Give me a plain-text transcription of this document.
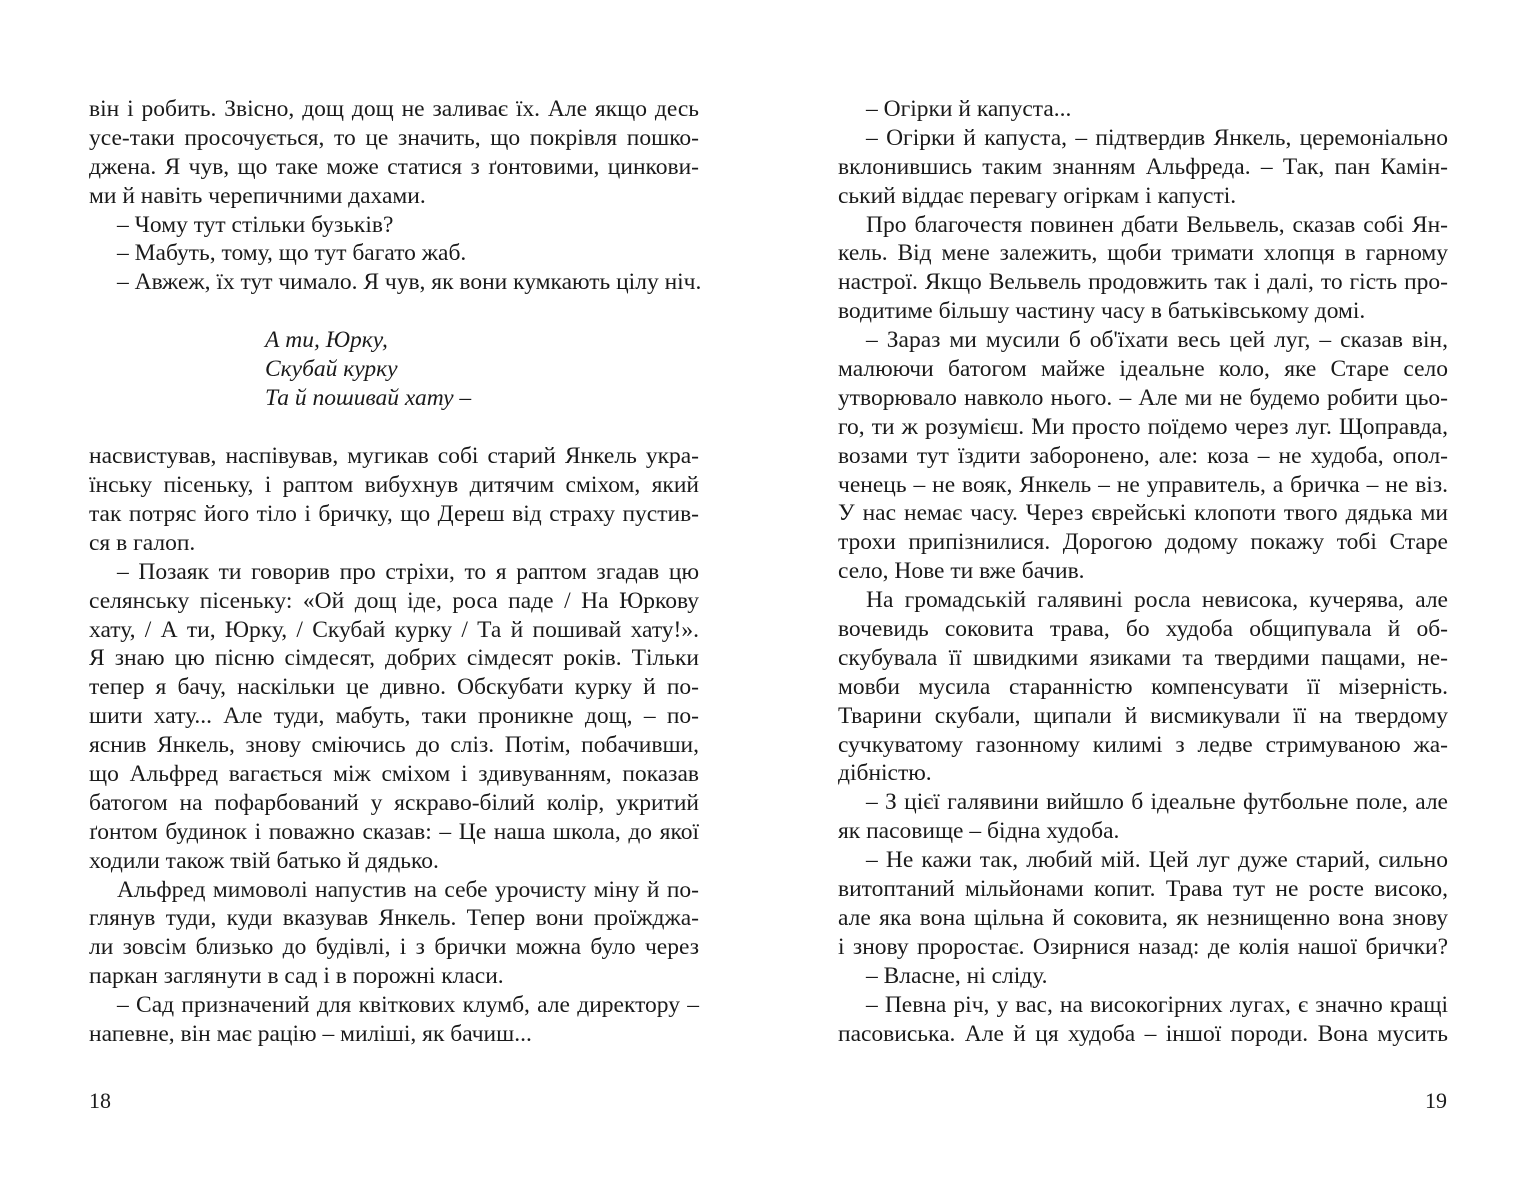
він і робить. Звісно, дощ дощ не заливає їх. Але якщо десь
усе-таки просочується, то це значить, що покрівля пошко-
джена. Я чув, що таке може статися з ґонтовими, цинкови-
ми й навіть черепичними дахами.
– Чому тут стільки бузьків?
– Мабуть, тому, що тут багато жаб.
– Авжеж, їх тут чимало. Я чув, як вони кумкають цілу ніч.
А ти, Юрку,
Скубай курку
Та й пошивай хату –
насвистував, наспівував, мугикав собі старий Янкель укра-
їнську пісеньку, і раптом вибухнув дитячим сміхом, який
так потряс його тіло і бричку, що Дереш від страху пустив-
ся в галоп.
– Позаяк ти говорив про стріхи, то я раптом згадав цю
селянську пісеньку: «Ой дощ іде, роса паде / На Юркову
хату, / А ти, Юрку, / Скубай курку / Та й пошивай хату!».
Я знаю цю пісню сімдесят, добрих сімдесят років. Тільки
тепер я бачу, наскільки це дивно. Обскубати курку й по-
шити хату... Але туди, мабуть, таки проникне дощ, – по-
яснив Янкель, знову сміючись до сліз. Потім, побачивши,
що Альфред вагається між сміхом і здивуванням, показав
батогом на пофарбований у яскраво-білий колір, укритий
ґонтом будинок і поважно сказав: – Це наша школа, до якої
ходили також твій батько й дядько.
Альфред мимоволі напустив на себе урочисту міну й по-
глянув туди, куди вказував Янкель. Тепер вони проїжджа-
ли зовсім близько до будівлі, і з брички можна було через
паркан заглянути в сад і в порожні класи.
– Сад призначений для квіткових клумб, але директору –
напевне, він має рацію – миліші, як бачиш...
– Огірки й капуста...
– Огірки й капуста, – підтвердив Янкель, церемоніально
вклонившись таким знанням Альфреда. – Так, пан Камін-
ський віддає перевагу огіркам і капусті.
Про благочестя повинен дбати Вельвель, сказав собі Ян-
кель. Від мене залежить, щоби тримати хлопця в гарному
настрої. Якщо Вельвель продовжить так і далі, то гість про-
водитиме більшу частину часу в батьківському домі.
– Зараз ми мусили б об'їхати весь цей луг, – сказав він,
малюючи батогом майже ідеальне коло, яке Старе село
утворювало навколо нього. – Але ми не будемо робити цьо-
го, ти ж розумієш. Ми просто поїдемо через луг. Щоправда,
возами тут їздити заборонено, але: коза – не худоба, опол-
ченець – не вояк, Янкель – не управитель, а бричка – не віз.
У нас немає часу. Через єврейські клопоти твого дядька ми
трохи припізнилися. Дорогою додому покажу тобі Старе
село, Нове ти вже бачив.
На громадській галявині росла невисока, кучерява, але
вочевидь соковита трава, бо худоба общипувала й об-
скубувала її швидкими язиками та твердими пащами, не-
мовби мусила старанністю компенсувати її мізерність.
Тварини скубали, щипали й висмикували її на твердому
сучкуватому газонному килимі з ледве стримуваною жа-
дібністю.
– З цієї галявини вийшло б ідеальне футбольне поле, але
як пасовище – бідна худоба.
– Не кажи так, любий мій. Цей луг дуже старий, сильно
витоптаний мільйонами копит. Трава тут не росте високо,
але яка вона щільна й соковита, як незнищенно вона знову
і знову проростає. Озирнися назад: де колія нашої брички?
– Власне, ні сліду.
– Певна річ, у вас, на високогірних лугах, є значно кращі
пасовиська. Але й ця худоба – іншої породи. Вона мусить
18	19
